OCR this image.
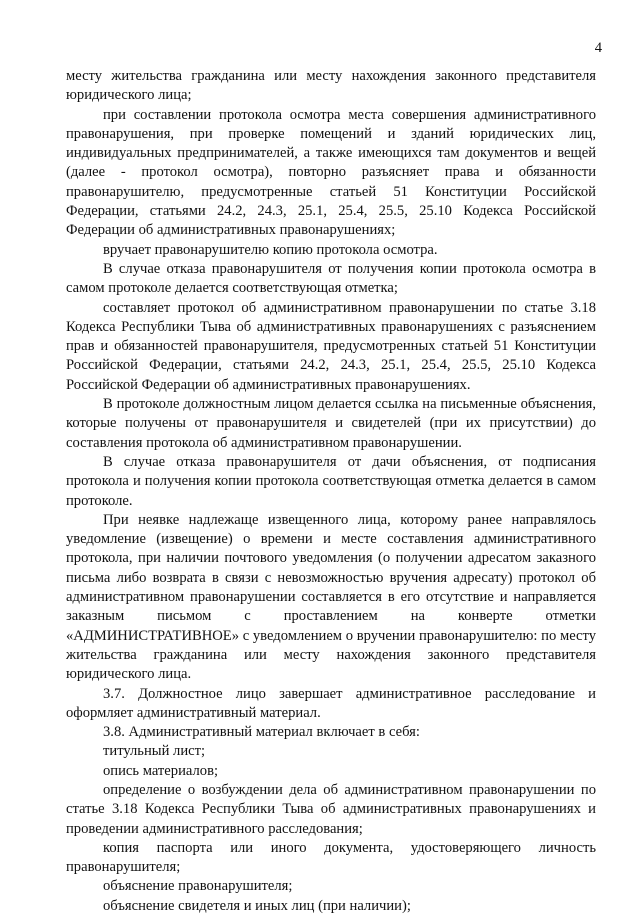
4

месту жительства гражданина или месту нахождения законного представителя юридического лица;

при составлении протокола осмотра места совершения административного правонарушения, при проверке помещений и зданий юридических лиц, индивидуальных предпринимателей, а также имеющихся там документов и вещей (далее - протокол осмотра), повторно разъясняет права и обязанности правонарушителю, предусмотренные статьей 51 Конституции Российской Федерации, статьями 24.2, 24.3, 25.1, 25.4, 25.5, 25.10 Кодекса Российской Федерации об административных правонарушениях;

вручает правонарушителю копию протокола осмотра.

В случае отказа правонарушителя от получения копии протокола осмотра в самом протоколе делается соответствующая отметка;

составляет протокол об административном правонарушении по статье 3.18 Кодекса Республики Тыва об административных правонарушениях с разъяснением прав и обязанностей правонарушителя, предусмотренных статьей 51 Конституции Российской Федерации, статьями 24.2, 24.3, 25.1, 25.4, 25.5, 25.10 Кодекса Российской Федерации об административных правонарушениях.

В протоколе должностным лицом делается ссылка на письменные объяснения, которые получены от правонарушителя и свидетелей (при их присутствии) до составления протокола об административном правонарушении.

В случае отказа правонарушителя от дачи объяснения, от подписания протокола и получения копии протокола соответствующая отметка делается в самом протоколе.

При неявке надлежаще извещенного лица, которому ранее направлялось уведомление (извещение) о времени и месте составления административного протокола, при наличии почтового уведомления (о получении адресатом заказного письма либо возврата в связи с невозможностью вручения адресату) протокол об административном правонарушении составляется в его отсутствие и направляется заказным письмом с проставлением на конверте отметки «АДМИНИСТРАТИВНОЕ» с уведомлением о вручении правонарушителю: по месту жительства гражданина или месту нахождения законного представителя юридического лица.

3.7. Должностное лицо завершает административное расследование и оформляет административный материал.

3.8. Административный материал включает в себя:

титульный лист;

опись материалов;

определение о возбуждении дела об административном правонарушении по статье 3.18 Кодекса Республики Тыва об административных правонарушениях и проведении административного расследования;

копия паспорта или иного документа, удостоверяющего личность правонарушителя;

объяснение правонарушителя;

объяснение свидетеля и иных лиц (при наличии);
